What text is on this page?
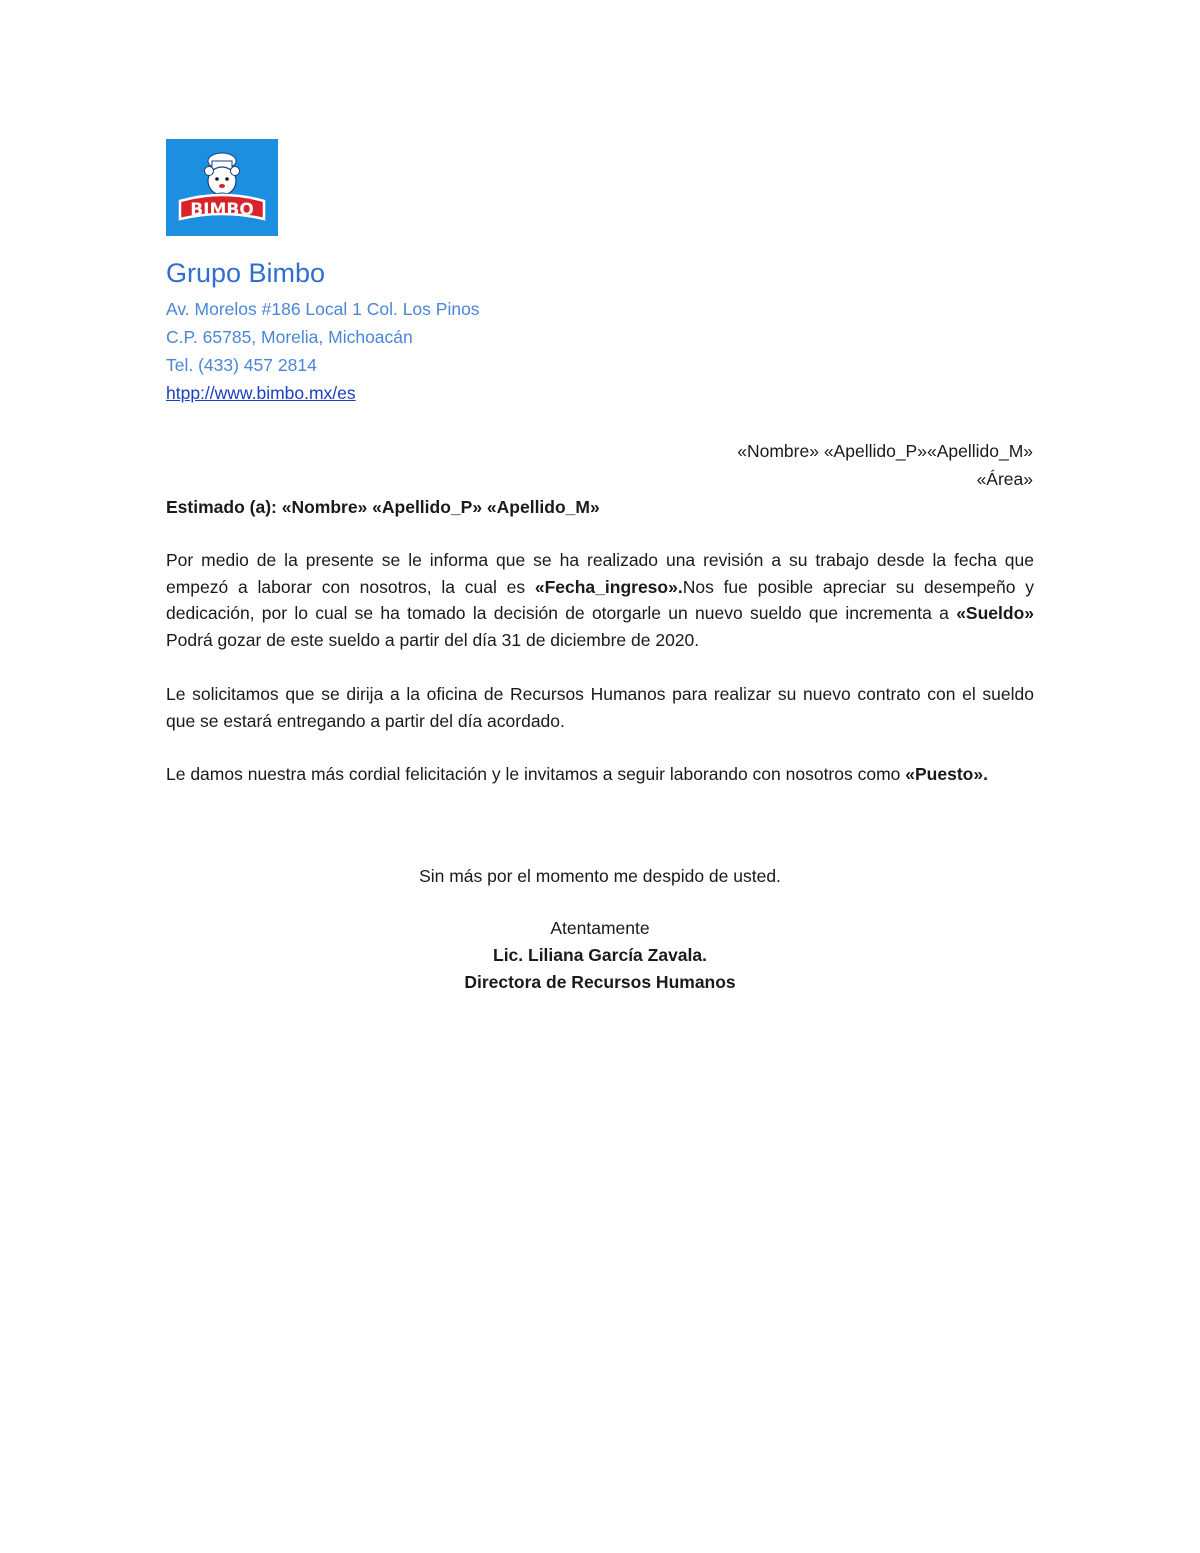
BIMBO
Grupo Bimbo
Av. Morelos #186 Local 1 Col. Los Pinos
C.P. 65785, Morelia, Michoacán
Tel. (433) 457 2814
htpp://www.bimbo.mx/es
«Nombre» «Apellido_P»«Apellido_M»
«Área»
Estimado (a): «Nombre» «Apellido_P» «Apellido_M»
Por medio de la presente se le informa que se ha realizado una revisión a su trabajo desde la fecha que empezó a laborar con nosotros, la cual es «Fecha_ingreso».Nos fue posible apreciar su desempeño y dedicación, por lo cual se ha tomado la decisión de otorgarle un nuevo sueldo que incrementa a «Sueldo» Podrá gozar de este sueldo a partir del día 31 de diciembre de 2020.
Le solicitamos que se dirija a la oficina de Recursos Humanos para realizar su nuevo contrato con el sueldo que se estará entregando a partir del día acordado.
Le damos nuestra más cordial felicitación y le invitamos a seguir laborando con nosotros como «Puesto».
Sin más por el momento me despido de usted.
Atentamente
Lic. Liliana García Zavala.
Directora de Recursos Humanos
